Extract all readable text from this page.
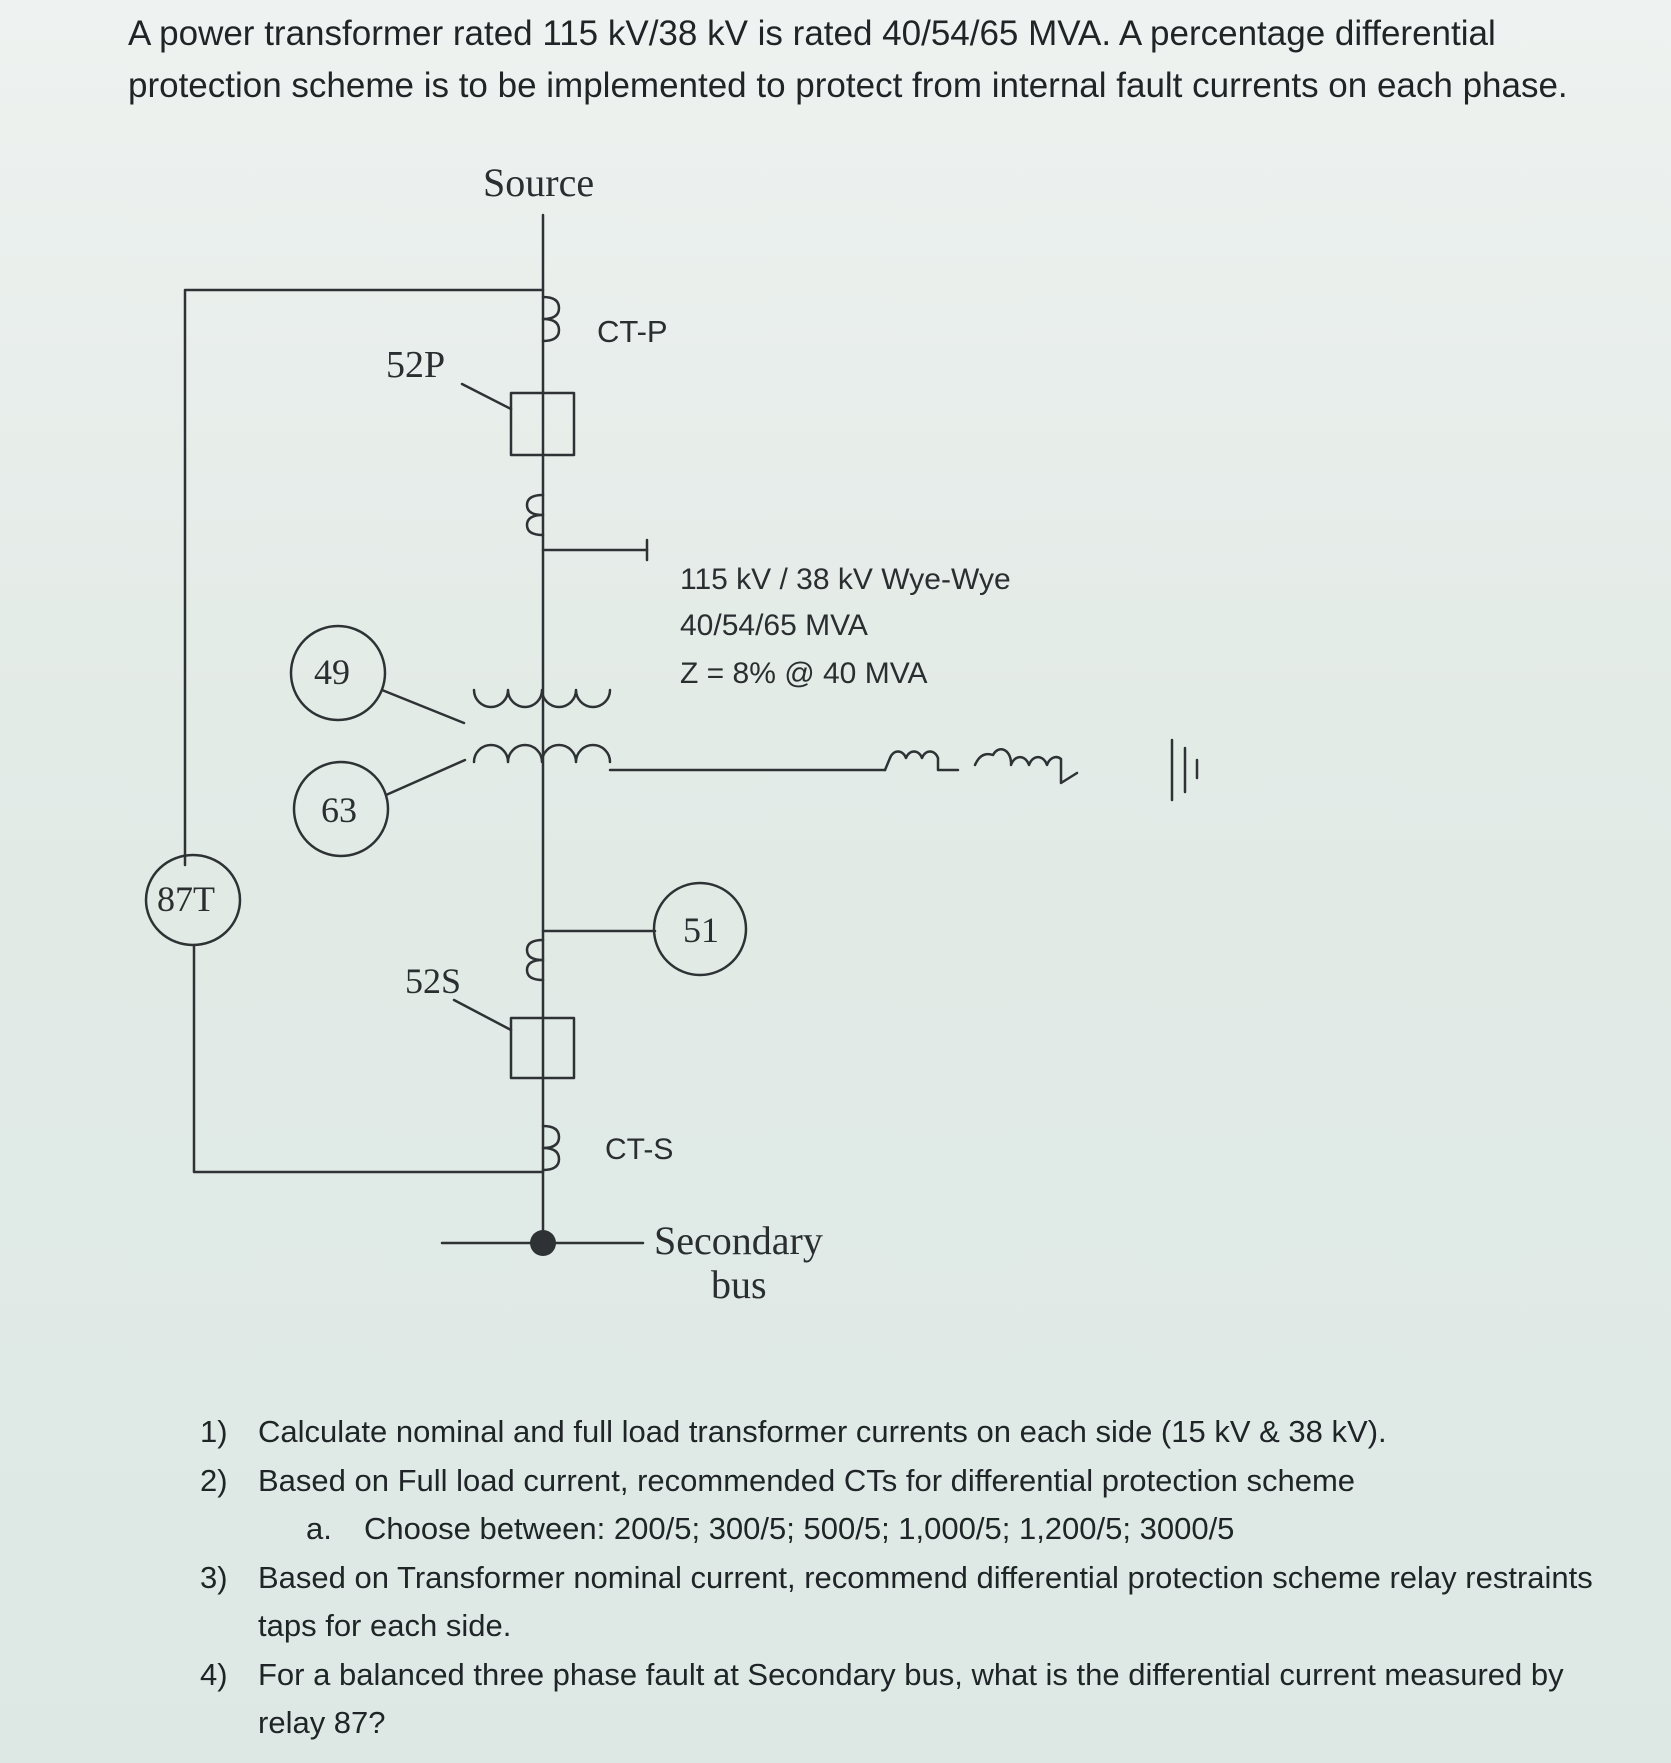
A power transformer rated 115 kV/38 kV is rated 40/54/65 MVA. A percentage differential protection scheme is to be implemented to protect from internal fault currents on each phase.

Source
CT-P
52P
115 kV / 38 kV Wye-Wye
40/54/65 MVA
Z = 8% @ 40 MVA
49
63
87T
51
52S
CT-S
Secondary
bus
1) Calculate nominal and full load transformer currents on each side (15 kV & 38 kV).
2) Based on Full load current, recommended CTs for differential protection scheme
a.	Choose between: 200/5; 300/5; 500/5; 1,000/5; 1,200/5; 3000/5
3) Based on Transformer nominal current, recommend differential protection scheme relay restraints taps for each side.
4) For a balanced three phase fault at Secondary bus, what is the differential current measured by relay 87?
